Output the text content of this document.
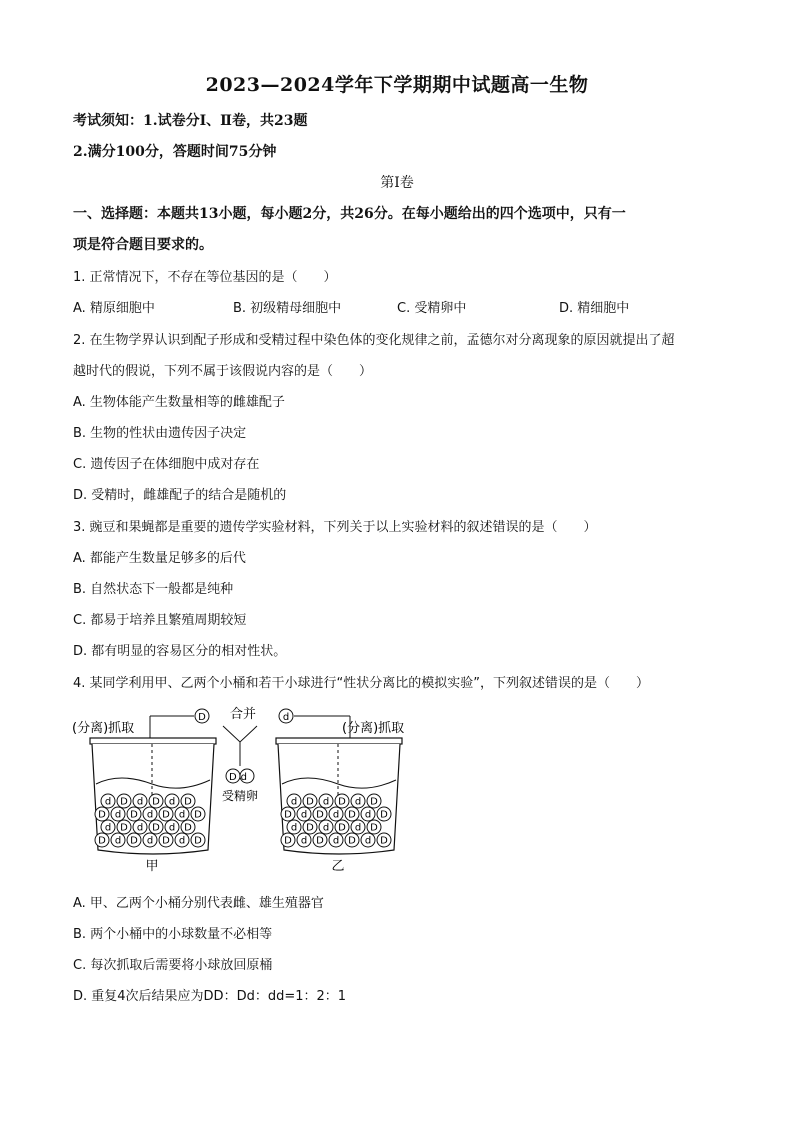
2023—2024学年下学期期中试题高一生物
考试须知：1.试卷分Ⅰ、Ⅱ卷，共23题
2.满分100分，答题时间75分钟
第Ⅰ卷
一、选择题：本题共13小题，每小题2分，共26分。在每小题给出的四个选项中，只有一
项是符合题目要求的。
1. 正常情况下，不存在等位基因的是（　　）
A. 精原细胞中	B. 初级精母细胞中	C. 受精卵中	D. 精细胞中
2. 在生物学界认识到配子形成和受精过程中染色体的变化规律之前，孟德尔对分离现象的原因就提出了超
越时代的假说，下列不属于该假说内容的是（　　）
A. 生物体能产生数量相等的雌雄配子
B. 生物的性状由遗传因子决定
C. 遗传因子在体细胞中成对存在
D. 受精时，雌雄配子的结合是随机的
3. 豌豆和果蝇都是重要的遗传学实验材料，下列关于以上实验材料的叙述错误的是（　　）
A. 都能产生数量足够多的后代
B. 自然状态下一般都是纯种
C. 都易于培养且繁殖周期较短
D. 都有明显的容易区分的相对性状。
4. 某同学利用甲、乙两个小桶和若干小球进行“性状分离比的模拟实验”，下列叙述错误的是（　　）
(分离)抓取	(分离)抓取
合并
D	d
Dd
受精卵
D d D d D d D
d D d D d D
D d D d D d D
d D d D d D
D d D d D d D
d D d D d D
D d D d D d D
d D d D d D
甲	乙
A. 甲、乙两个小桶分别代表雌、雄生殖器官
B. 两个小桶中的小球数量不必相等
C. 每次抓取后需要将小球放回原桶
D. 重复4次后结果应为DD：Dd：dd=1：2：1
